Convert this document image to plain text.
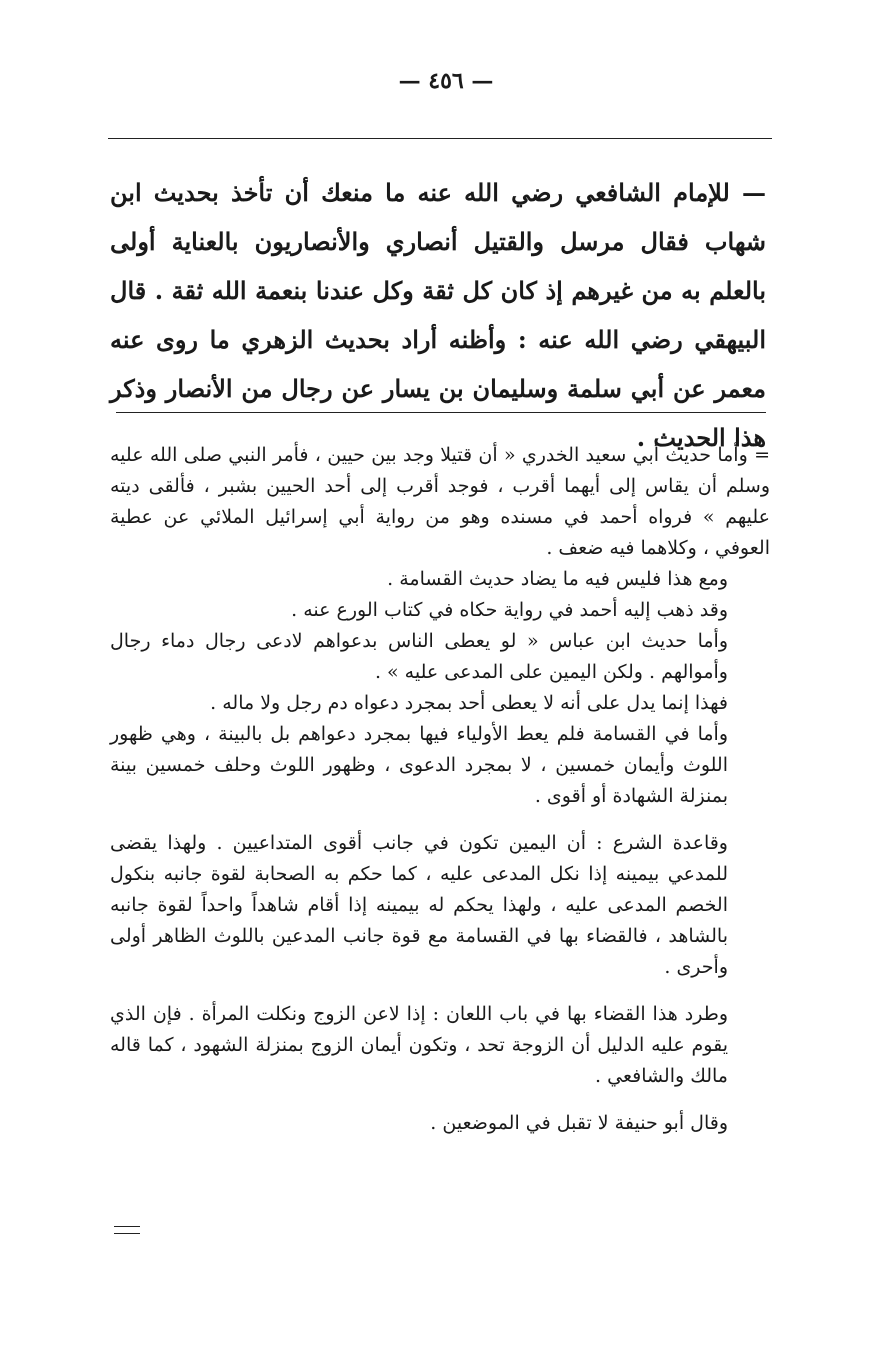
— ٤٥٦ —

— للإمام الشافعي رضي الله عنه ما منعك أن تأخذ بحديث ابن شهاب فقال مرسل والقتيل أنصاري والأنصاريون بالعناية أولى بالعلم به من غيرهم إذ كان كل ثقة وكل عندنا بنعمة الله ثقة . قال البيهقي رضي الله عنه : وأظنه أراد بحديث الزهري ما روى عنه معمر عن أبي سلمة وسليمان بن يسار عن رجال من الأنصار وذكر هذا الحديث .

= وأما حديث أبي سعيد الخدري « أن قتيلا وجد بين حيين ، فأمر النبي صلى الله عليه وسلم أن يقاس إلى أيهما أقرب ، فوجد أقرب إلى أحد الحيين بشبر ، فألقى ديته عليهم » فرواه أحمد في مسنده وهو من رواية أبي إسرائيل الملائي عن عطية العوفي ، وكلاهما فيه ضعف .

ومع هذا فليس فيه ما يضاد حديث القسامة .

وقد ذهب إليه أحمد في رواية حكاه في كتاب الورع عنه .

وأما حديث ابن عباس « لو يعطى الناس بدعواهم لادعى رجال دماء رجال وأموالهم . ولكن اليمين على المدعى عليه » .

فهذا إنما يدل على أنه لا يعطى أحد بمجرد دعواه دم رجل ولا ماله .

وأما في القسامة فلم يعط الأولياء فيها بمجرد دعواهم بل بالبينة ، وهي ظهور اللوث وأيمان خمسين ، لا بمجرد الدعوى ، وظهور اللوث وحلف خمسين بينة بمنزلة الشهادة أو أقوى .

وقاعدة الشرع : أن اليمين تكون في جانب أقوى المتداعيين . ولهذا يقضى للمدعي بيمينه إذا نكل المدعى عليه ، كما حكم به الصحابة لقوة جانبه بنكول الخصم المدعى عليه ، ولهذا يحكم له بيمينه إذا أقام شاهداً واحداً لقوة جانبه بالشاهد ، فالقضاء بها في القسامة مع قوة جانب المدعين باللوث الظاهر أولى وأحرى .

وطرد هذا القضاء بها في باب اللعان : إذا لاعن الزوج ونكلت المرأة . فإن الذي يقوم عليه الدليل أن الزوجة تحد ، وتكون أيمان الزوج بمنزلة الشهود ، كما قاله مالك والشافعي .

وقال أبو حنيفة لا تقبل في الموضعين .
